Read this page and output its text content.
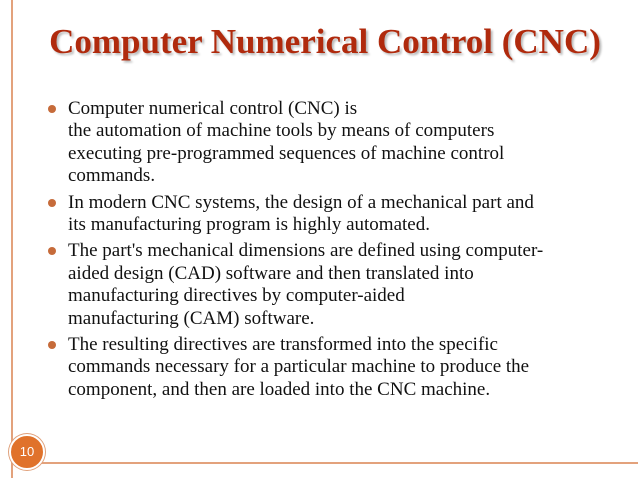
Computer Numerical Control (CNC)
Computer numerical control (CNC) is
the automation of machine tools by means of computers
executing pre-programmed sequences of machine control
commands.
In modern CNC systems, the design of a mechanical part and
its manufacturing program is highly automated.
The part's mechanical dimensions are defined using computer-
aided design (CAD) software and then translated into
manufacturing directives by computer-aided
manufacturing (CAM) software.
The resulting directives are transformed into the specific
commands necessary for a particular machine to produce the
component, and then are loaded into the CNC machine.
10
